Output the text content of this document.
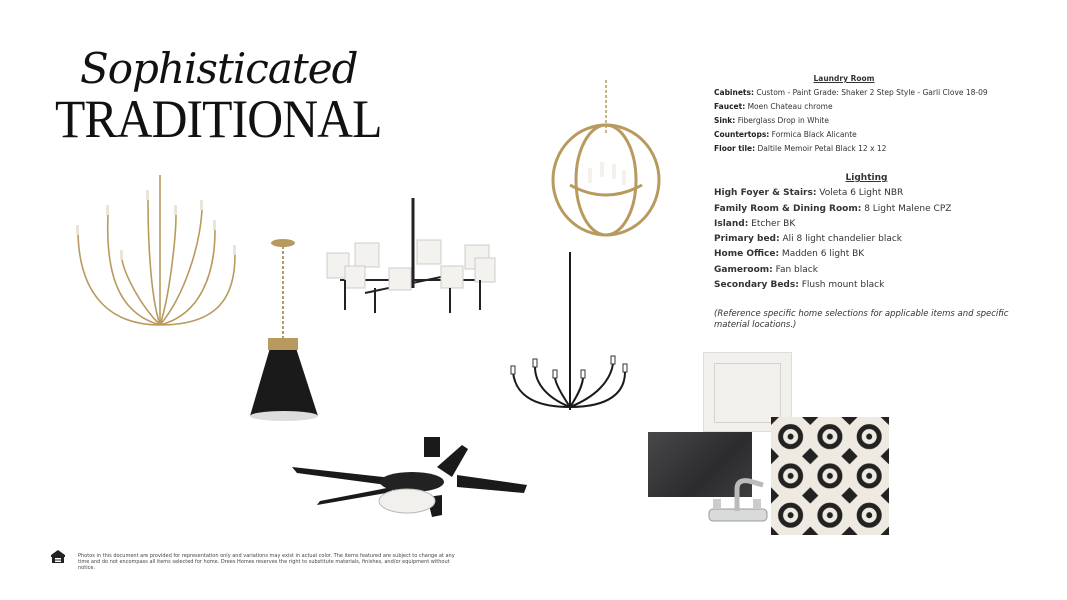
Sophisticated
TRADITIONAL
Laundry Room
Cabinets: Custom - Paint Grade: Shaker 2 Step Style - Garli Clove 18-09
Faucet: Moen Chateau chrome
Sink: Fiberglass Drop in White
Countertops: Formica Black Alicante
Floor tile: Daltile Memoir Petal Black 12 x 12
Lighting
High Foyer & Stairs: Voleta 6 Light NBR
Family Room & Dining Room: 8 Light Malene CPZ
Island: Etcher BK
Primary bed: Ali 8 light chandelier black
Home Office: Madden 6 light BK
Gameroom: Fan black
Secondary Beds: Flush mount black
(Reference specific home selections for applicable items and specific material locations.)
Photos in this document are provided for representation only and variations may exist in actual color. The items featured are subject to change at any time and do not encompass all items selected for home. Drees Homes reserves the right to substitute materials, finishes, and/or equipment without notice.
